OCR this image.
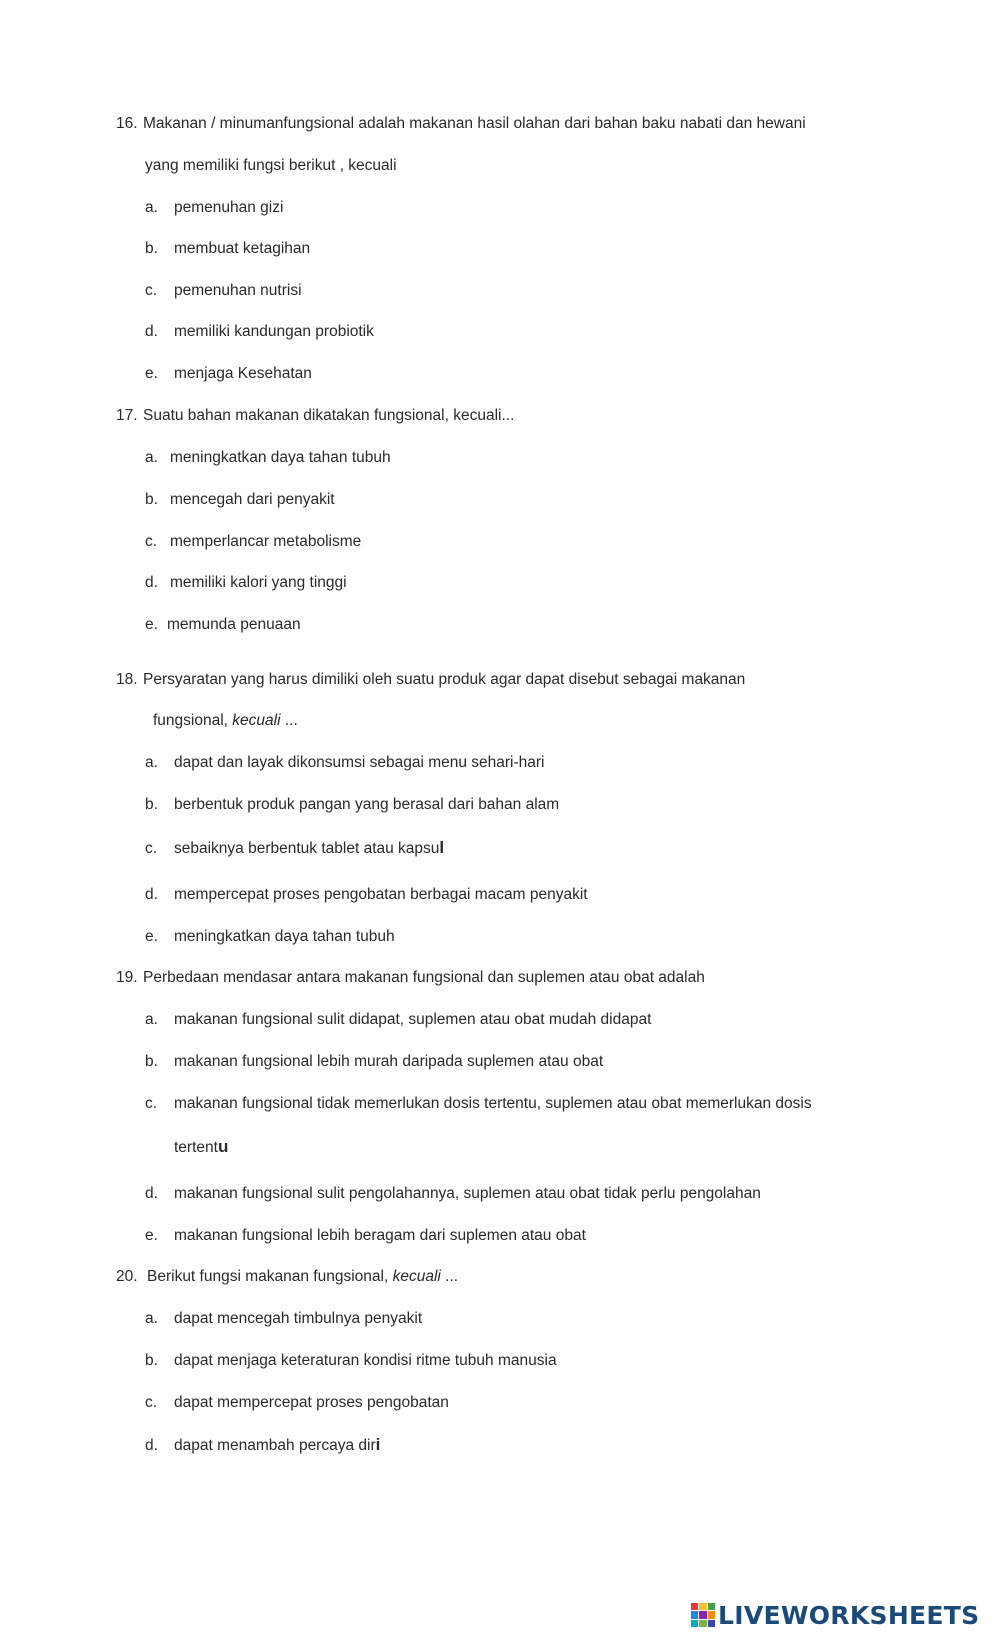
16. Makanan / minumanfungsional adalah makanan hasil olahan dari bahan baku nabati dan hewani
yang memiliki fungsi berikut , kecuali
a. pemenuhan gizi
b. membuat ketagihan
c. pemenuhan nutrisi
d. memiliki kandungan probiotik
e. menjaga Kesehatan
17. Suatu bahan makanan dikatakan fungsional, kecuali...
a. meningkatkan daya tahan tubuh
b. mencegah dari penyakit
c. memperlancar metabolisme
d. memiliki kalori yang tinggi
e. memunda penuaan
18. Persyaratan yang harus dimiliki oleh suatu produk agar dapat disebut sebagai makanan
fungsional, kecuali ...
a. dapat dan layak dikonsumsi sebagai menu sehari-hari
b. berbentuk produk pangan yang berasal dari bahan alam
c. sebaiknya berbentuk tablet atau kapsul
d. mempercepat proses pengobatan berbagai macam penyakit
e. meningkatkan daya tahan tubuh
19. Perbedaan mendasar antara makanan fungsional dan suplemen atau obat adalah
a. makanan fungsional sulit didapat, suplemen atau obat mudah didapat
b. makanan fungsional lebih murah daripada suplemen atau obat
c. makanan fungsional tidak memerlukan dosis tertentu, suplemen atau obat memerlukan dosis
tertentu
d. makanan fungsional sulit pengolahannya, suplemen atau obat tidak perlu pengolahan
e. makanan fungsional lebih beragam dari suplemen atau obat
20. Berikut fungsi makanan fungsional, kecuali ...
a. dapat mencegah timbulnya penyakit
b. dapat menjaga keteraturan kondisi ritme tubuh manusia
c. dapat mempercepat proses pengobatan
d. dapat menambah percaya diri
LIVEWORKSHEETS
